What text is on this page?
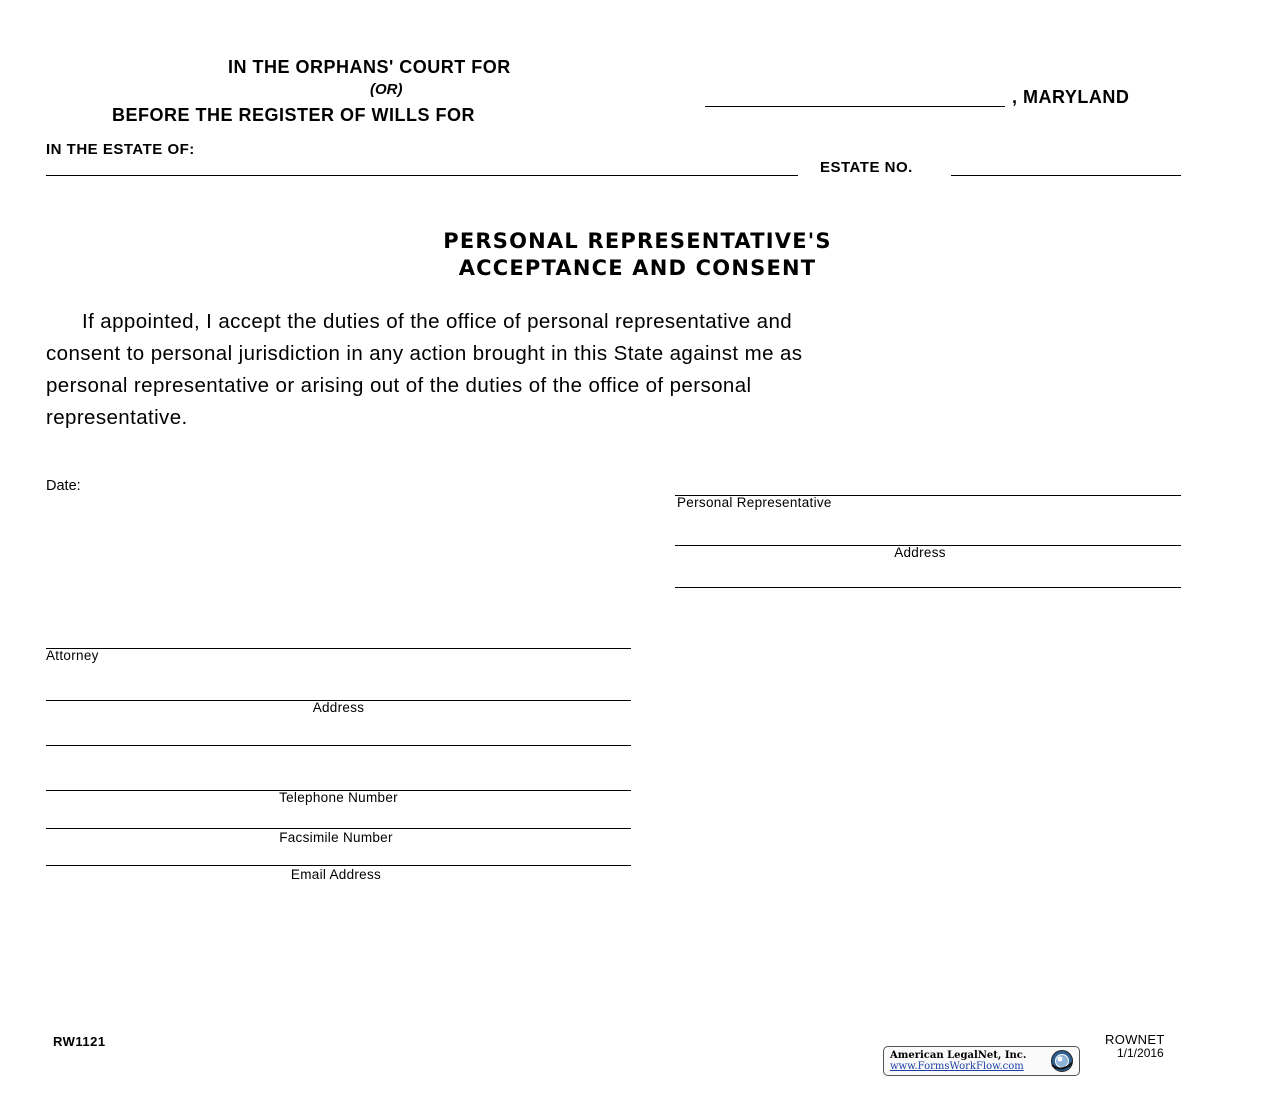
IN THE ORPHANS' COURT FOR
(OR)
BEFORE THE REGISTER OF WILLS FOR
, MARYLAND
IN THE ESTATE OF:
ESTATE NO.
PERSONAL REPRESENTATIVE'S
ACCEPTANCE AND CONSENT
If appointed, I accept the duties of the office of personal representative and
consent to personal jurisdiction in any action brought in this State against me as
personal representative or arising out of the duties of the office of personal
representative.
Date:
Personal Representative
Address
Attorney
Address
Telephone Number
Facsimile Number
Email Address
RW1121	ROWNET
1/1/2016
American LegalNet, Inc.
www.FormsWorkFlow.com
